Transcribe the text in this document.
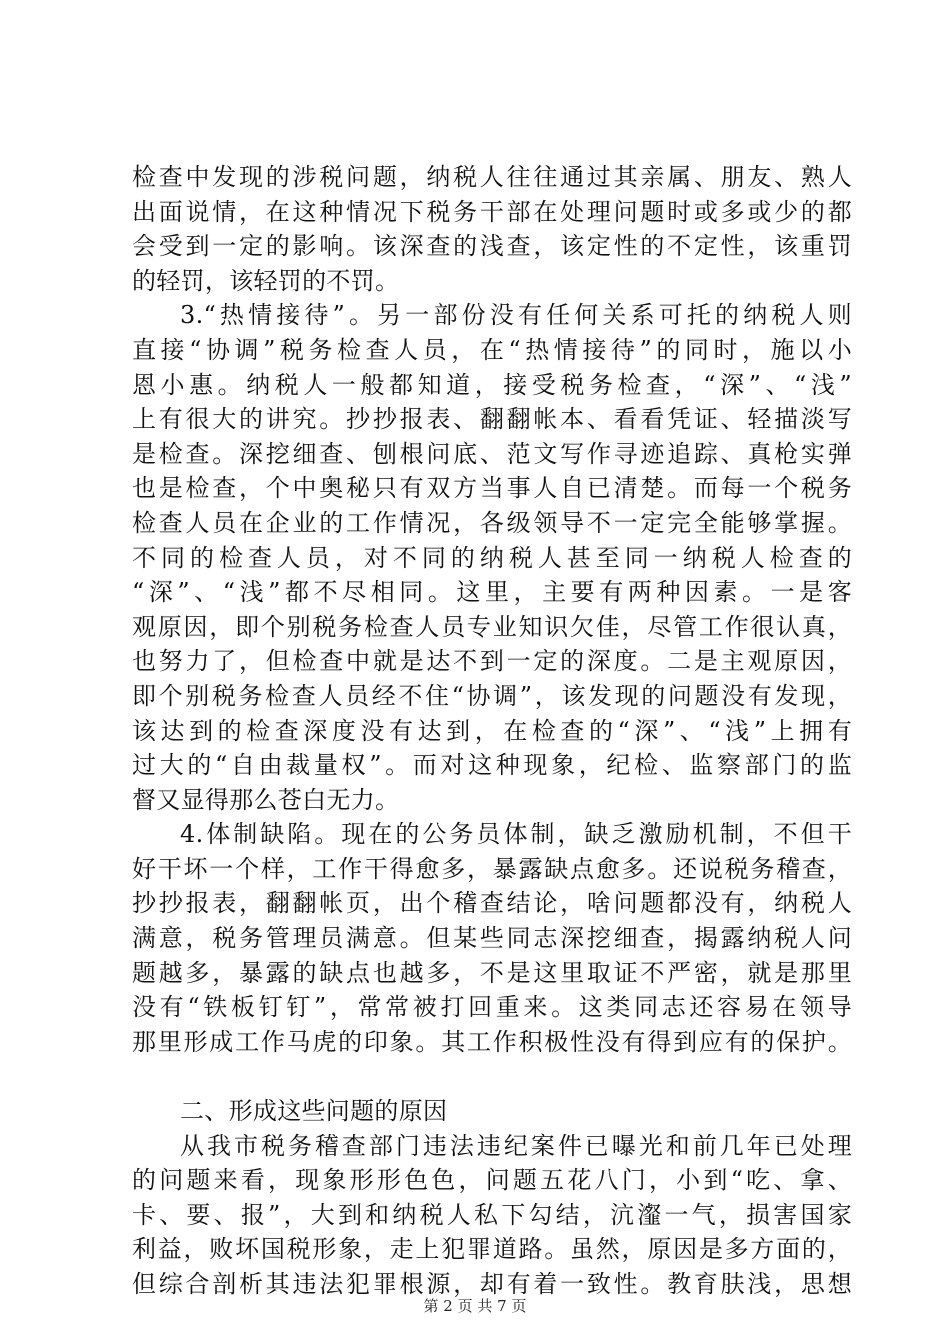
检查中发现的涉税问题，纳税人往往通过其亲属、朋友、熟人
出面说情，在这种情况下税务干部在处理问题时或多或少的都
会受到一定的影响。该深查的浅查，该定性的不定性，该重罚
的轻罚，该轻罚的不罚。
3.“热情接待”。另一部份没有任何关系可托的纳税人则
直接“协调”税务检查人员，在“热情接待”的同时，施以小
恩小惠。纳税人一般都知道，接受税务检查，“深”、“浅”
上有很大的讲究。抄抄报表、翻翻帐本、看看凭证、轻描淡写
是检查。深挖细查、刨根问底、范文写作寻迹追踪、真枪实弹
也是检查，个中奥秘只有双方当事人自已清楚。而每一个税务
检查人员在企业的工作情况，各级领导不一定完全能够掌握。
不同的检查人员，对不同的纳税人甚至同一纳税人检查的
“深”、“浅”都不尽相同。这里，主要有两种因素。一是客
观原因，即个别税务检查人员专业知识欠佳，尽管工作很认真，
也努力了，但检查中就是达不到一定的深度。二是主观原因，
即个别税务检查人员经不住“协调”，该发现的问题没有发现，
该达到的检查深度没有达到，在检查的“深”、“浅”上拥有
过大的“自由裁量权”。而对这种现象，纪检、监察部门的监
督又显得那么苍白无力。
4.体制缺陷。现在的公务员体制，缺乏激励机制，不但干
好干坏一个样，工作干得愈多，暴露缺点愈多。还说税务稽查，
抄抄报表，翻翻帐页，出个稽查结论，啥问题都没有，纳税人
满意，税务管理员满意。但某些同志深挖细查，揭露纳税人问
题越多，暴露的缺点也越多，不是这里取证不严密，就是那里
没有“铁板钉钉”，常常被打回重来。这类同志还容易在领导
那里形成工作马虎的印象。其工作积极性没有得到应有的保护。
二、形成这些问题的原因
从我市税务稽查部门违法违纪案件已曝光和前几年已处理
的问题来看，现象形形色色，问题五花八门，小到“吃、拿、
卡、要、报”，大到和纳税人私下勾结，沆瀣一气，损害国家
利益，败坏国税形象，走上犯罪道路。虽然，原因是多方面的，
但综合剖析其违法犯罪根源，却有着一致性。教育肤浅，思想
第 2 页 共 7 页
